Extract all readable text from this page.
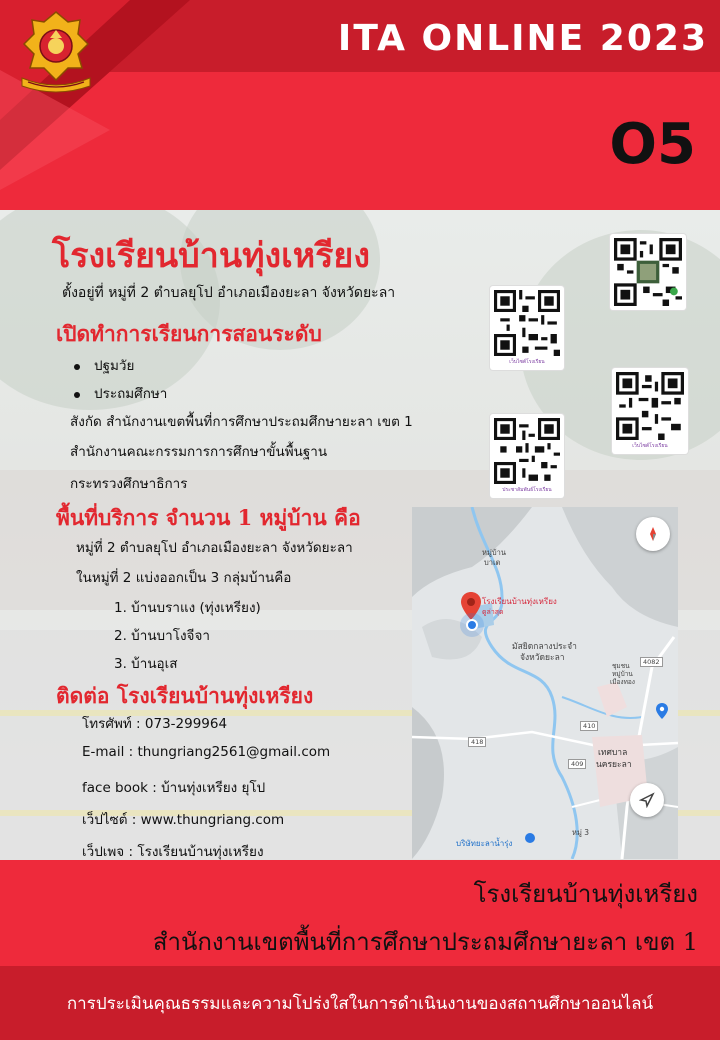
ITA ONLINE 2023
O5
โรงเรียนบ้านทุ่งเหรียง
ตั้งอยู่ที่ หมู่ที่ 2 ตำบลยุโป อำเภอเมืองยะลา จังหวัดยะลา
เปิดทำการเรียนการสอนระดับ
ปฐมวัย
ประถมศึกษา
สังกัด สำนักงานเขตพื้นที่การศึกษาประถมศึกษายะลา เขต 1
สำนักงานคณะกรรมการการศึกษาขั้นพื้นฐาน
กระทรวงศึกษาธิการ
พื้นที่บริการ จำนวน 1 หมู่บ้าน คือ
หมู่ที่ 2 ตำบลยุโป อำเภอเมืองยะลา จังหวัดยะลา
ในหมู่ที่ 2 แบ่งออกเป็น 3 กลุ่มบ้านคือ
1. บ้านบราแง (ทุ่งเหรียง)
2. บ้านบาโงจีจา
3. บ้านอุเส
ติดต่อ โรงเรียนบ้านทุ่งเหรียง
โทรศัพท์ : 073-299964
E-mail : thungriang2561@gmail.com
face book : บ้านทุ่งเหรียง ยุโป
เว็ปไซต์ : www.thungriang.com
เว็ปเพจ : โรงเรียนบ้านทุ่งเหรียง
เว็บไซต์โรงเรียน
เว็บไซต์โรงเรียน
ประชาสัมพันธ์โรงเรียน
โรงเรียนบ้านทุ่งเหรียง
ดูล่าสุด
หมู่บ้าน
บาเต
มัสยิดกลางประจำ
จังหวัดยะลา
ชุมชน
หมู่บ้าน
เมืองทอง
เทศบาล
นครยะลา
บริษัทยะลาน้ำรุ่ง
หมู่ 3
4082
410
418
409
โรงเรียนบ้านทุ่งเหรียง
สำนักงานเขตพื้นที่การศึกษาประถมศึกษายะลา เขต 1
การประเมินคุณธรรมและความโปร่งใสในการดำเนินงานของสถานศึกษาออนไลน์
